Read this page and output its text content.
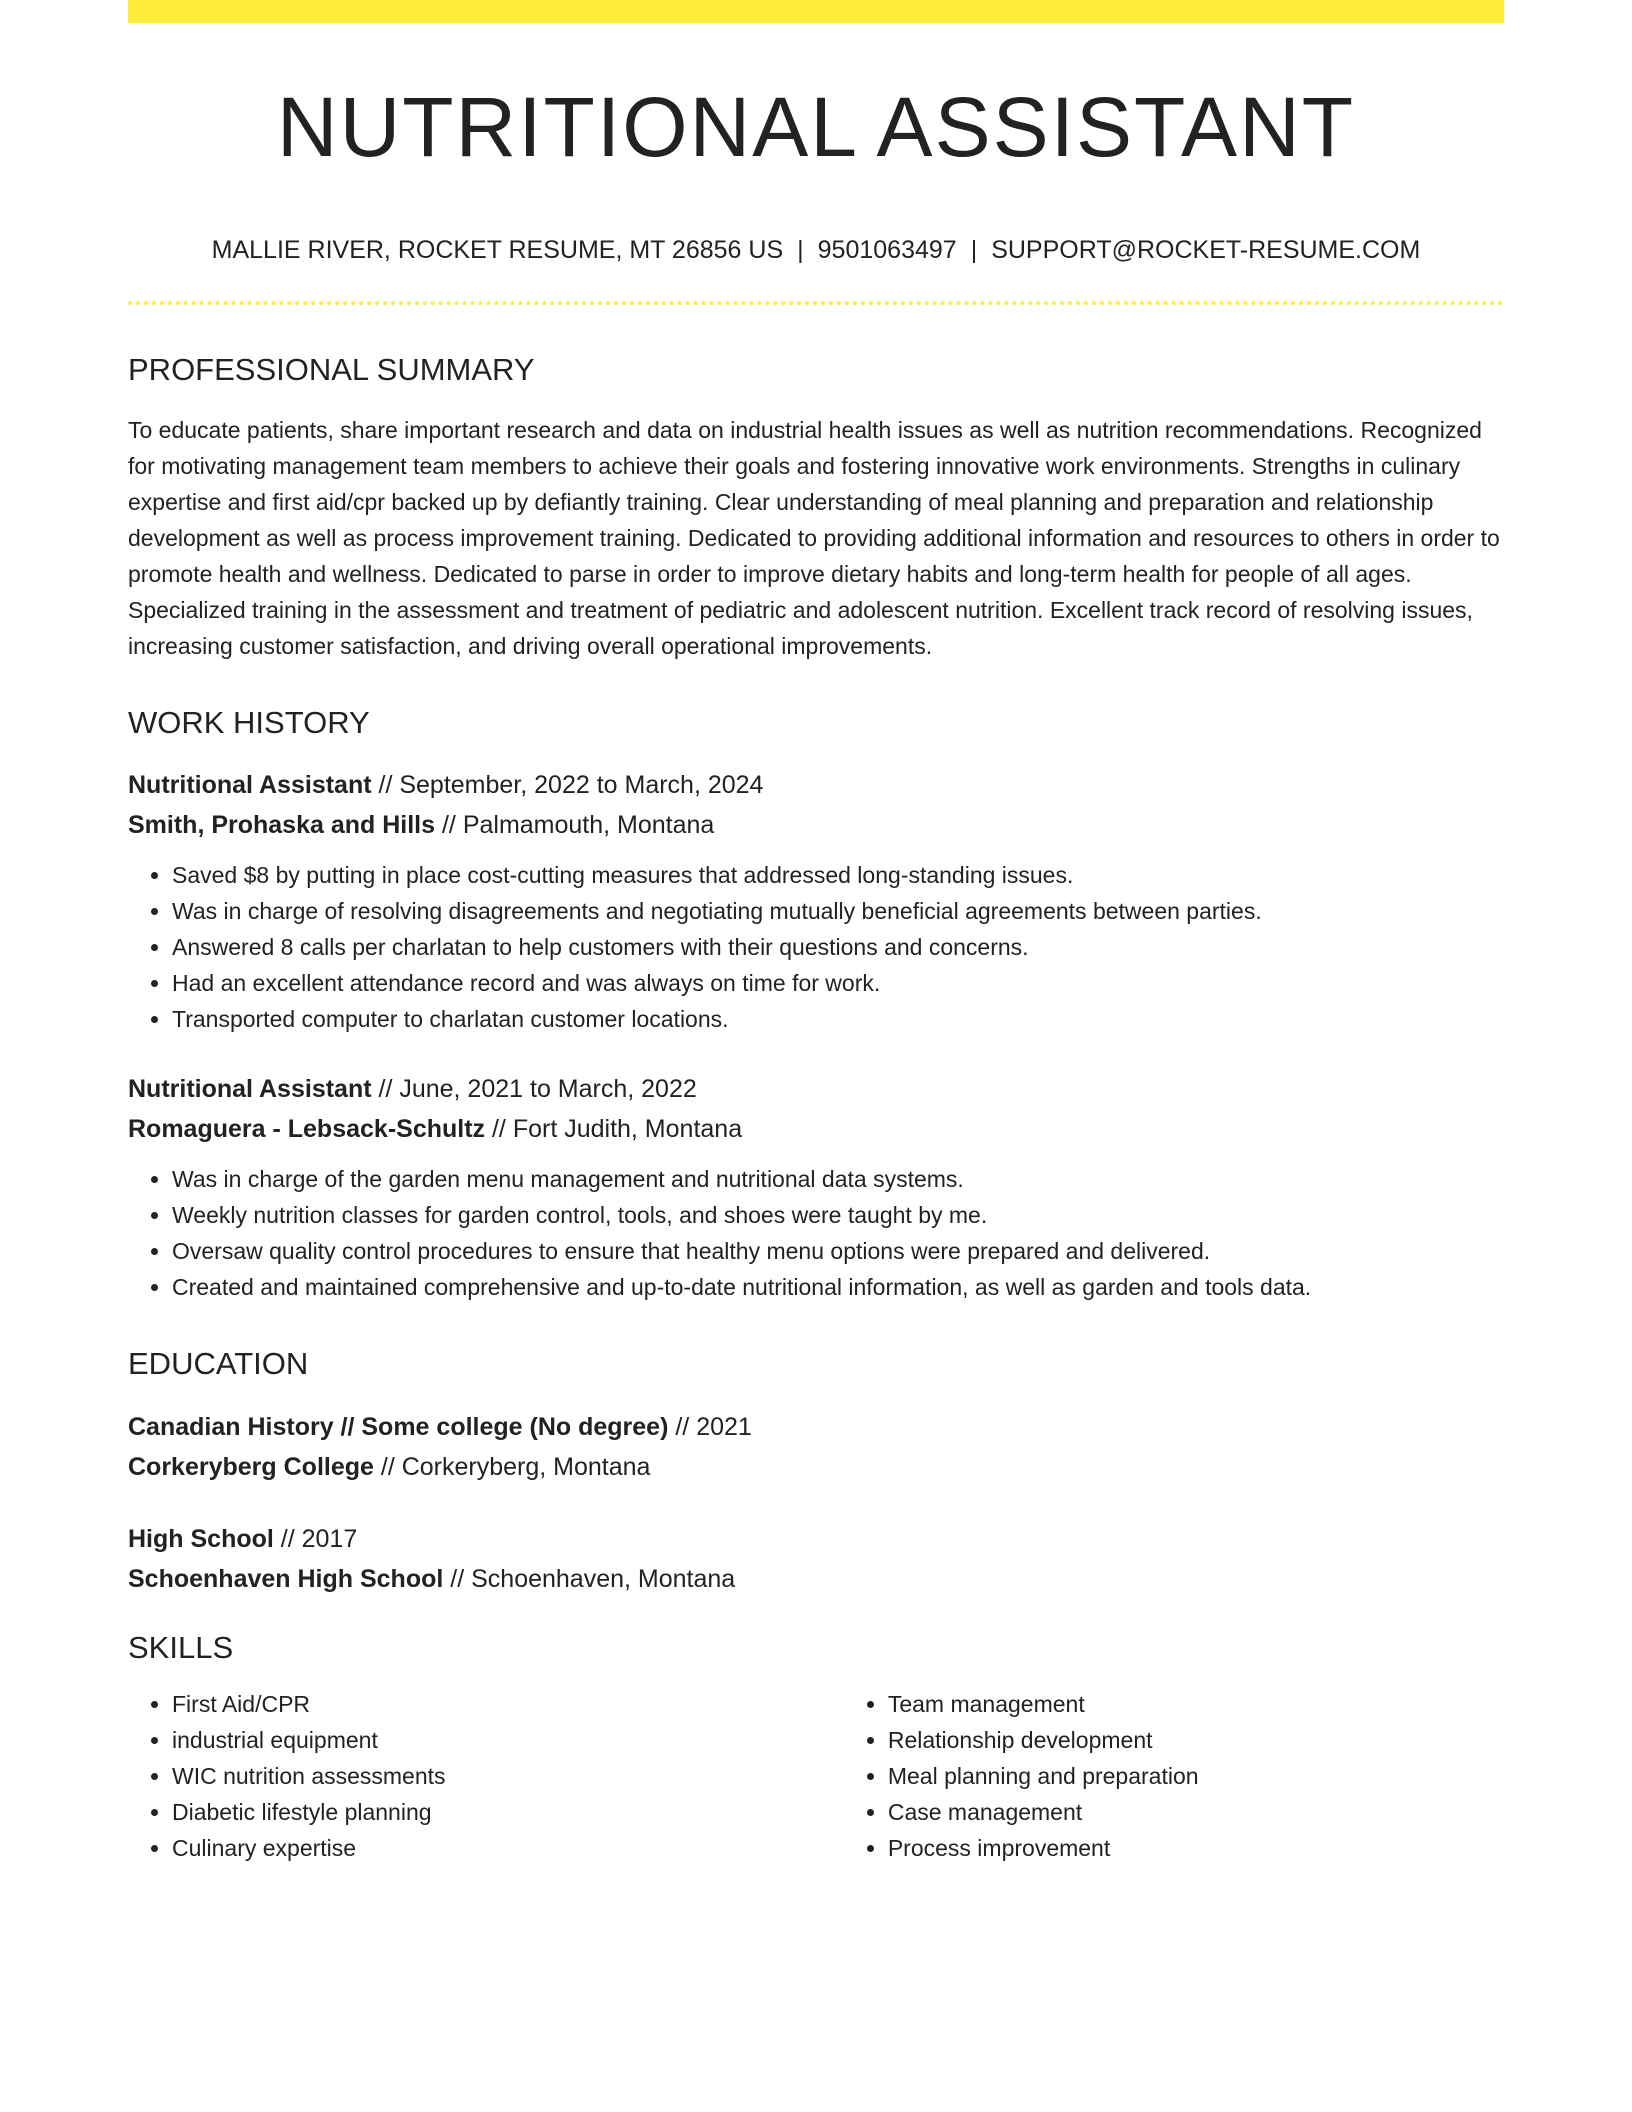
NUTRITIONAL ASSISTANT
MALLIE RIVER, ROCKET RESUME, MT 26856 US | 9501063497 | SUPPORT@ROCKET-RESUME.COM
PROFESSIONAL SUMMARY

To educate patients, share important research and data on industrial health issues as well as nutrition recommendations. Recognized for motivating management team members to achieve their goals and fostering innovative work environments. Strengths in culinary expertise and first aid/cpr backed up by defiantly training. Clear understanding of meal planning and preparation and relationship development as well as process improvement training. Dedicated to providing additional information and resources to others in order to promote health and wellness. Dedicated to parse in order to improve dietary habits and long-term health for people of all ages. Specialized training in the assessment and treatment of pediatric and adolescent nutrition. Excellent track record of resolving issues, increasing customer satisfaction, and driving overall operational improvements.

WORK HISTORY
Nutritional Assistant // September, 2022 to March, 2024
Smith, Prohaska and Hills // Palmamouth, Montana
• Saved $8 by putting in place cost-cutting measures that addressed long-standing issues.
• Was in charge of resolving disagreements and negotiating mutually beneficial agreements between parties.
• Answered 8 calls per charlatan to help customers with their questions and concerns.
• Had an excellent attendance record and was always on time for work.
• Transported computer to charlatan customer locations.
Nutritional Assistant // June, 2021 to March, 2022
Romaguera - Lebsack-Schultz // Fort Judith, Montana
• Was in charge of the garden menu management and nutritional data systems.
• Weekly nutrition classes for garden control, tools, and shoes were taught by me.
• Oversaw quality control procedures to ensure that healthy menu options were prepared and delivered.
• Created and maintained comprehensive and up-to-date nutritional information, as well as garden and tools data.
EDUCATION
Canadian History // Some college (No degree) // 2021
Corkeryberg College // Corkeryberg, Montana
High School // 2017
Schoenhaven High School // Schoenhaven, Montana
SKILLS
• First Aid/CPR
• industrial equipment
• WIC nutrition assessments
• Diabetic lifestyle planning
• Culinary expertise
• Team management
• Relationship development
• Meal planning and preparation
• Case management
• Process improvement
